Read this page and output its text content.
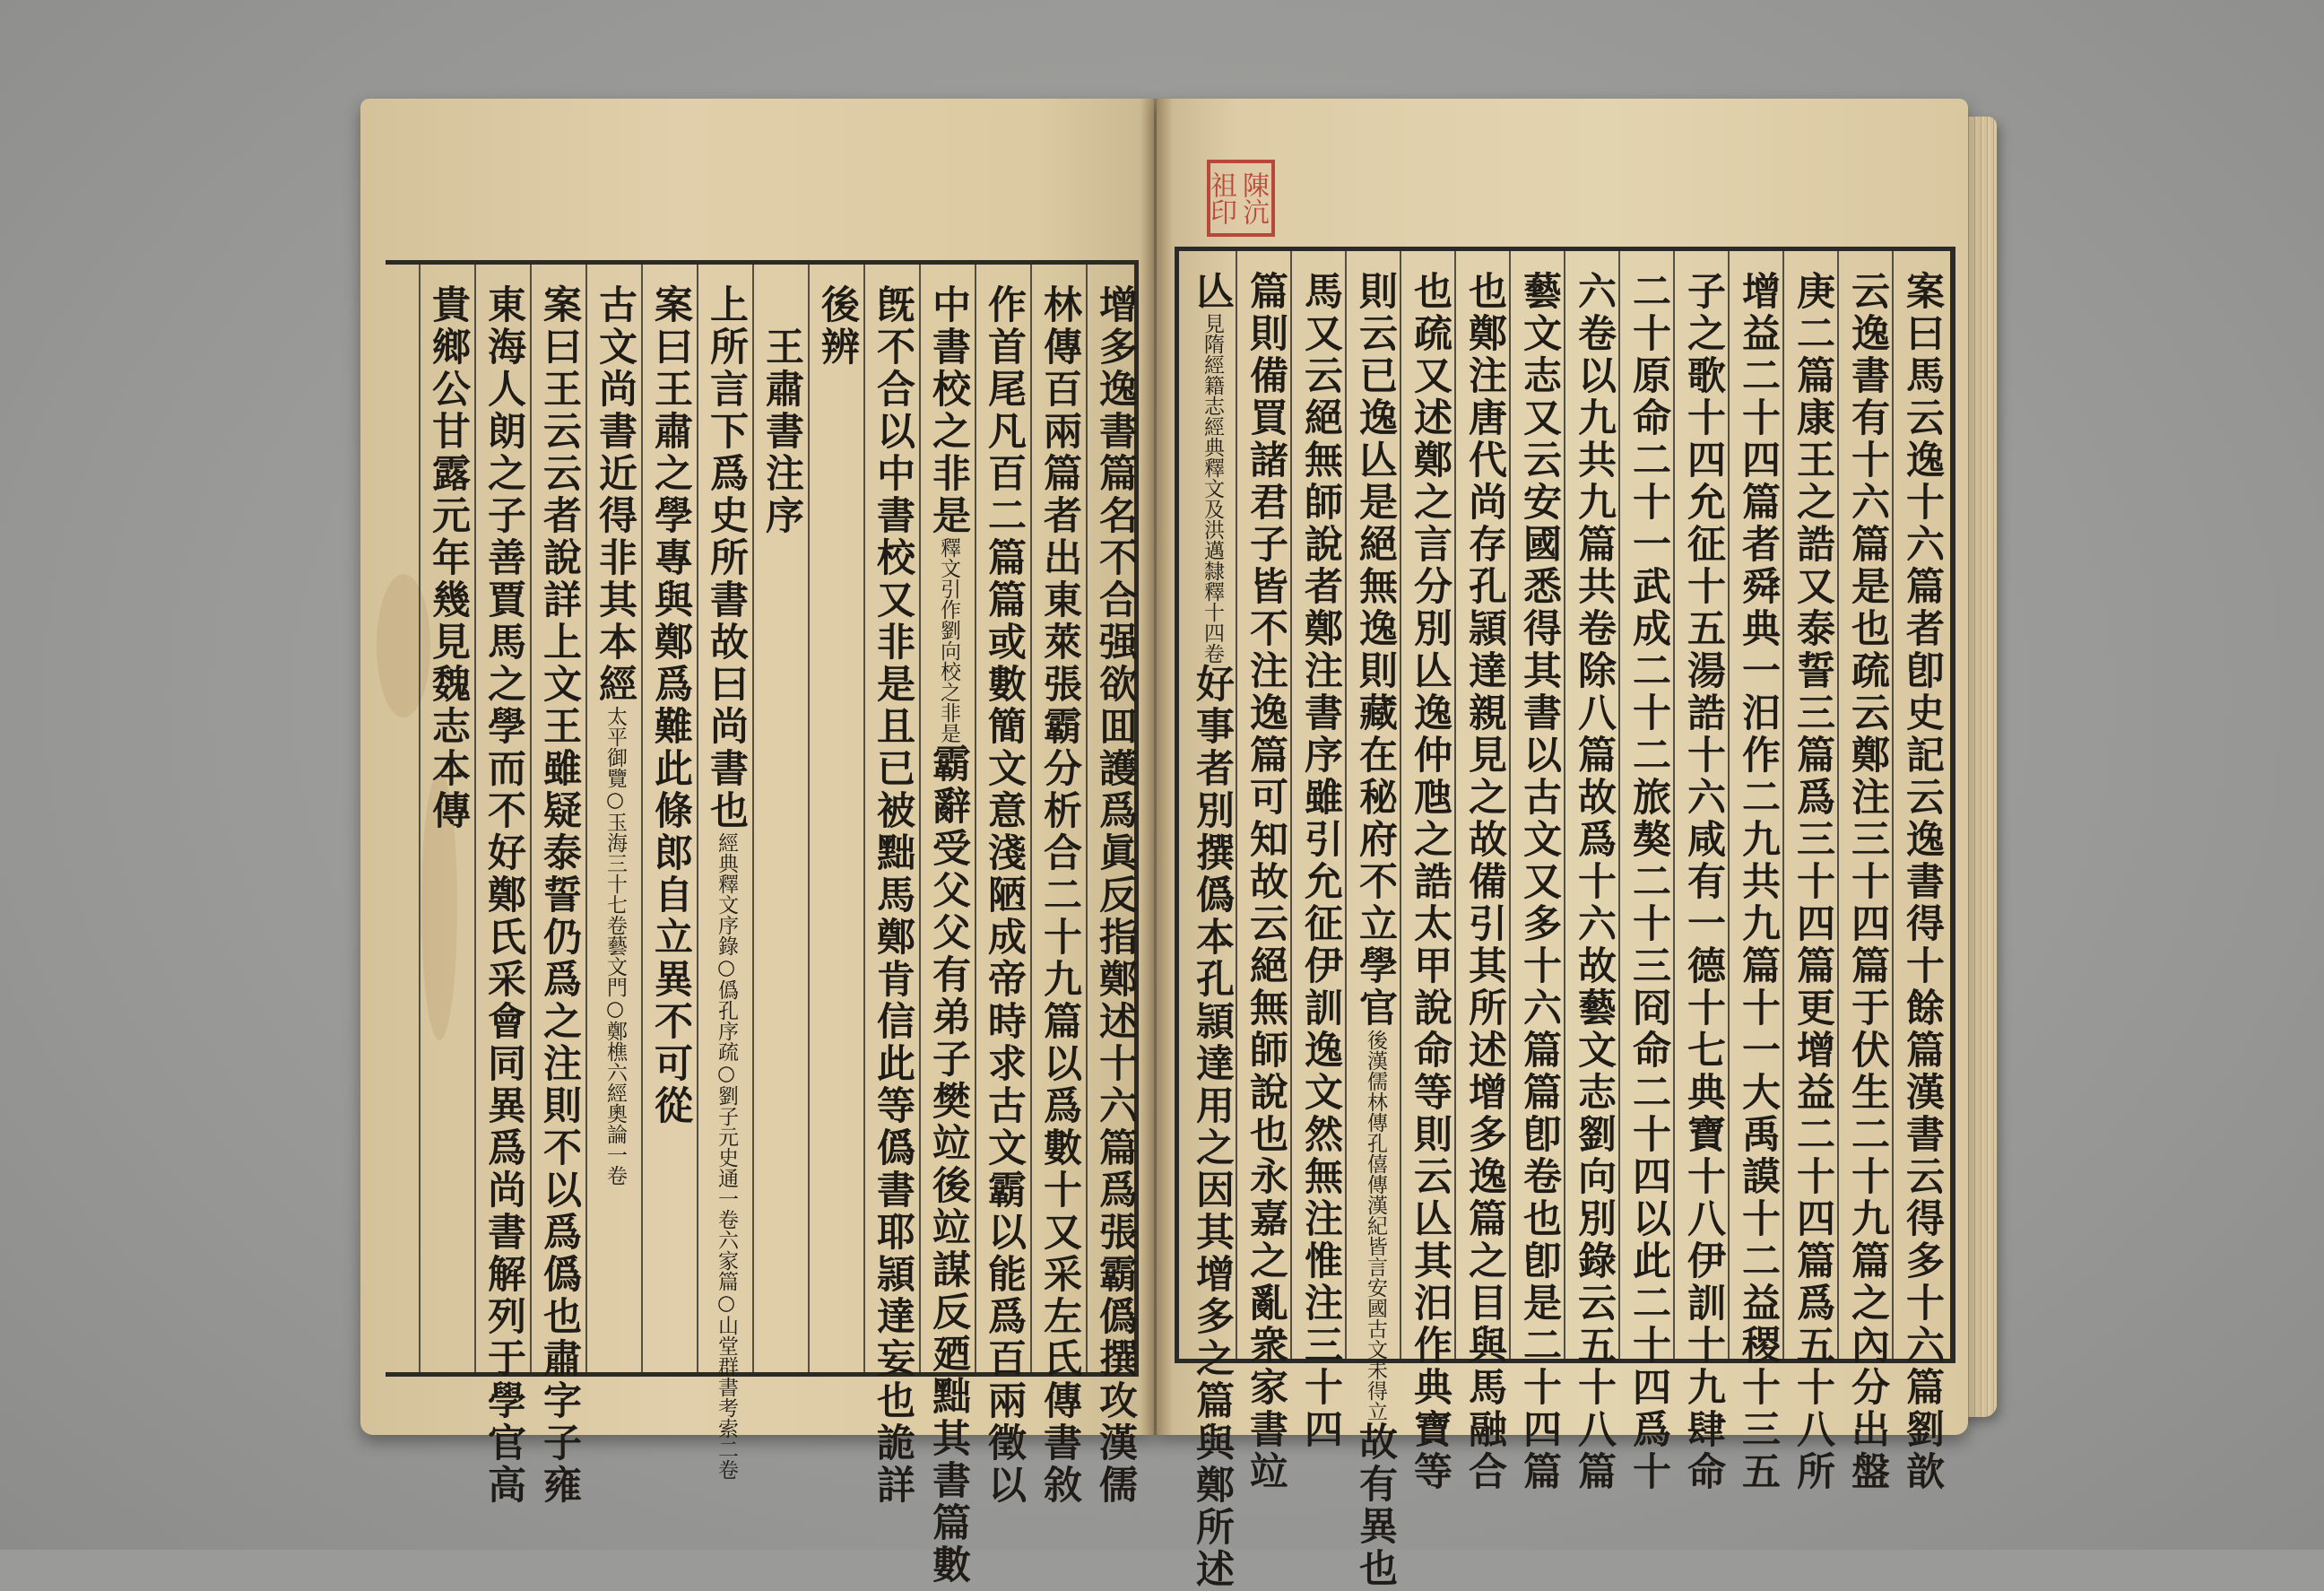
陳沆
祖印
增多逸書篇名不合强欲囬護爲眞反指鄭述十六篇爲張霸僞撰攻漢儒
林傳百兩篇者出東萊張霸分析合二十九篇以爲數十又采左氏傳書敘
作首尾凡百二篇篇或數簡文意淺陋成帝時求古文霸以能爲百兩徵以
中書校之非是釋文引作劉向校之非是霸辭受父父有弟子樊竝後竝謀反廼黜其書篇數
旣不合以中書校又非是且已被黜馬鄭肯信此等僞書耶頴達妄也詭詳
後辨
　王肅書注序
上所言下爲史所書故曰尚書也經典釋文序錄○僞孔序疏○劉子元史通一卷六家篇○山堂群書考索二卷
案曰王肅之學專與鄭爲難此條郎自立異不可從
古文尚書近得非其本經太平御覽○玉海三十七卷藝文門○鄭樵六經奧論一卷
案曰王云云者說詳上文王雖疑泰誓仍爲之注則不以爲僞也肅字子雍
東海人朗之子善賈馬之學而不好鄭氏采會同異爲尚書解列于學官高
貴鄉公甘露元年幾見魏志本傳	案曰馬云逸十六篇者卽史記云逸書得十餘篇漢書云得多十六篇劉歆
云逸書有十六篇是也疏云鄭注三十四篇于伏生二十九篇之內分出盤
庚二篇康王之誥又泰誓三篇爲三十四篇更增益二十四篇爲五十八所
增益二十四篇者舜典一汨作二九共九篇十一大禹謨十二益稷十三五
子之歌十四允征十五湯誥十六咸有一德十七典寶十八伊訓十九肆命
二十原命二十一武成二十二旅獒二十三冏命二十四以此二十四爲十
六卷以九共九篇共卷除八篇故爲十六故藝文志劉向別錄云五十八篇
藝文志又云安國悉得其書以古文又多十六篇篇卽卷也卽是二十四篇
也鄭注唐代尚存孔頴達親見之故備引其所述增多逸篇之目與馬融合
也疏又述鄭之言分別亾逸仲虺之誥太甲說命等則云亾其汨作典寶等
則云已逸亾是絕無逸則藏在秘府不立學官後漢儒林傳孔僖傳漢紀皆言安國古文未得立故有異也
馬又云絕無師說者鄭注書序雖引允征伊訓逸文然無注惟注三十四
篇則備買諸君子皆不注逸篇可知故云絕無師說也永嘉之亂衆家書竝
亾見隋經籍志經典釋文及洪邁隸釋十四卷好事者別撰僞本孔頴達用之因其增多之篇與鄭所述
